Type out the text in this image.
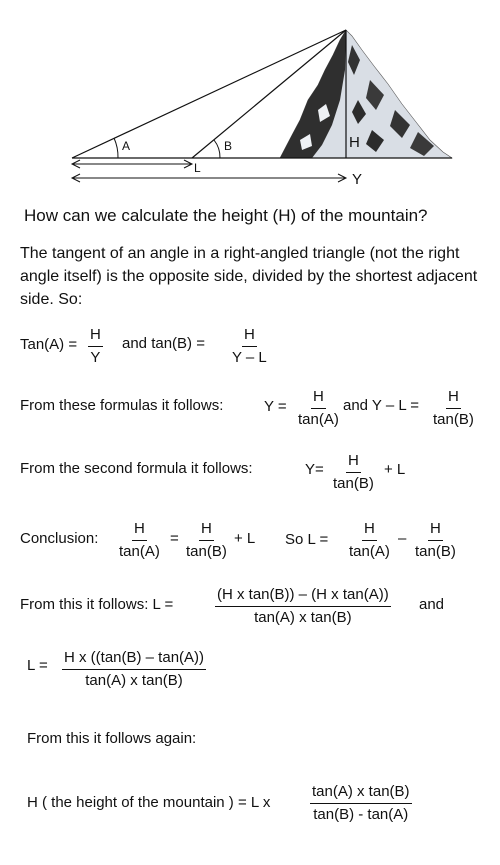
A	B	H
L
Y
How can we calculate the height (H) of the mountain?
The tangent of an angle in a right-angled triangle (not the right angle itself) is the opposite side, divided by the shortest adjacent side. So:
$Tan(A) = \frac{H}{Y}$ and $\tan(B) = \frac{H}{Y - L}$
From these formulas it follows:	$Y = \frac{H}{\tan(A)}$ and $Y - L = \frac{H}{\tan(B)}$
From the second formula it follows:	$Y= \frac{H}{\tan(B)} + L$
Conclusion: $\frac{H}{\tan(A)} = \frac{H}{\tan(B)} + L$ So $L = \frac{H}{\tan(A)} - \frac{H}{\tan(B)}$
From this it follows: L =	$\frac{\text{(H x tan(B)) – (H x tan(A))}}{\text{tan(A) x tan(B)}}$ and
$L = \frac{\text{H x ((tan(B) – tan(A))}}{\text{tan(A) x tan(B)}}$
From this it follows again:
H ( the height of the mountain ) = L x	$\frac{\text{tan(A) x tan(B)}}{\tan(B) - \tan(A)}$
